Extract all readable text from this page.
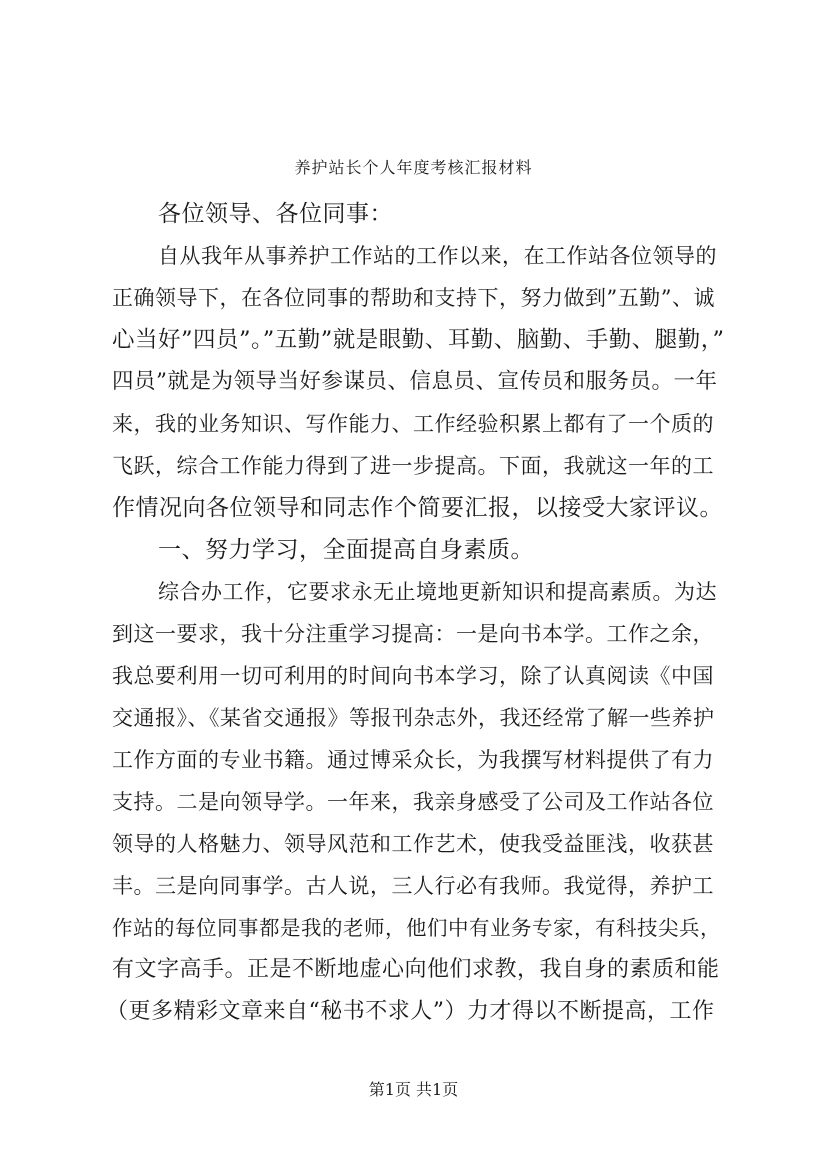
养护站长个人年度考核汇报材料
各位领导、各位同事：
自从我年从事养护工作站的工作以来，在工作站各位领导的
正确领导下，在各位同事的帮助和支持下，努力做到”五勤”、诚
心当好”四员”。”五勤”就是眼勤、耳勤、脑勤、手勤、腿勤，”
四员”就是为领导当好参谋员、信息员、宣传员和服务员。一年
来，我的业务知识、写作能力、工作经验积累上都有了一个质的
飞跃，综合工作能力得到了进一步提高。下面，我就这一年的工
作情况向各位领导和同志作个简要汇报，以接受大家评议。
一、努力学习，全面提高自身素质。
综合办工作，它要求永无止境地更新知识和提高素质。为达
到这一要求，我十分注重学习提高：一是向书本学。工作之余，
我总要利用一切可利用的时间向书本学习，除了认真阅读《中国
交通报》、《某省交通报》等报刊杂志外，我还经常了解一些养护
工作方面的专业书籍。通过博采众长，为我撰写材料提供了有力
支持。二是向领导学。一年来，我亲身感受了公司及工作站各位
领导的人格魅力、领导风范和工作艺术，使我受益匪浅，收获甚
丰。三是向同事学。古人说，三人行必有我师。我觉得，养护工
作站的每位同事都是我的老师，他们中有业务专家，有科技尖兵，
有文字高手。正是不断地虚心向他们求教，我自身的素质和能
（更多精彩文章来自“秘书不求人”）力才得以不断提高，工作
第1页 共1页
